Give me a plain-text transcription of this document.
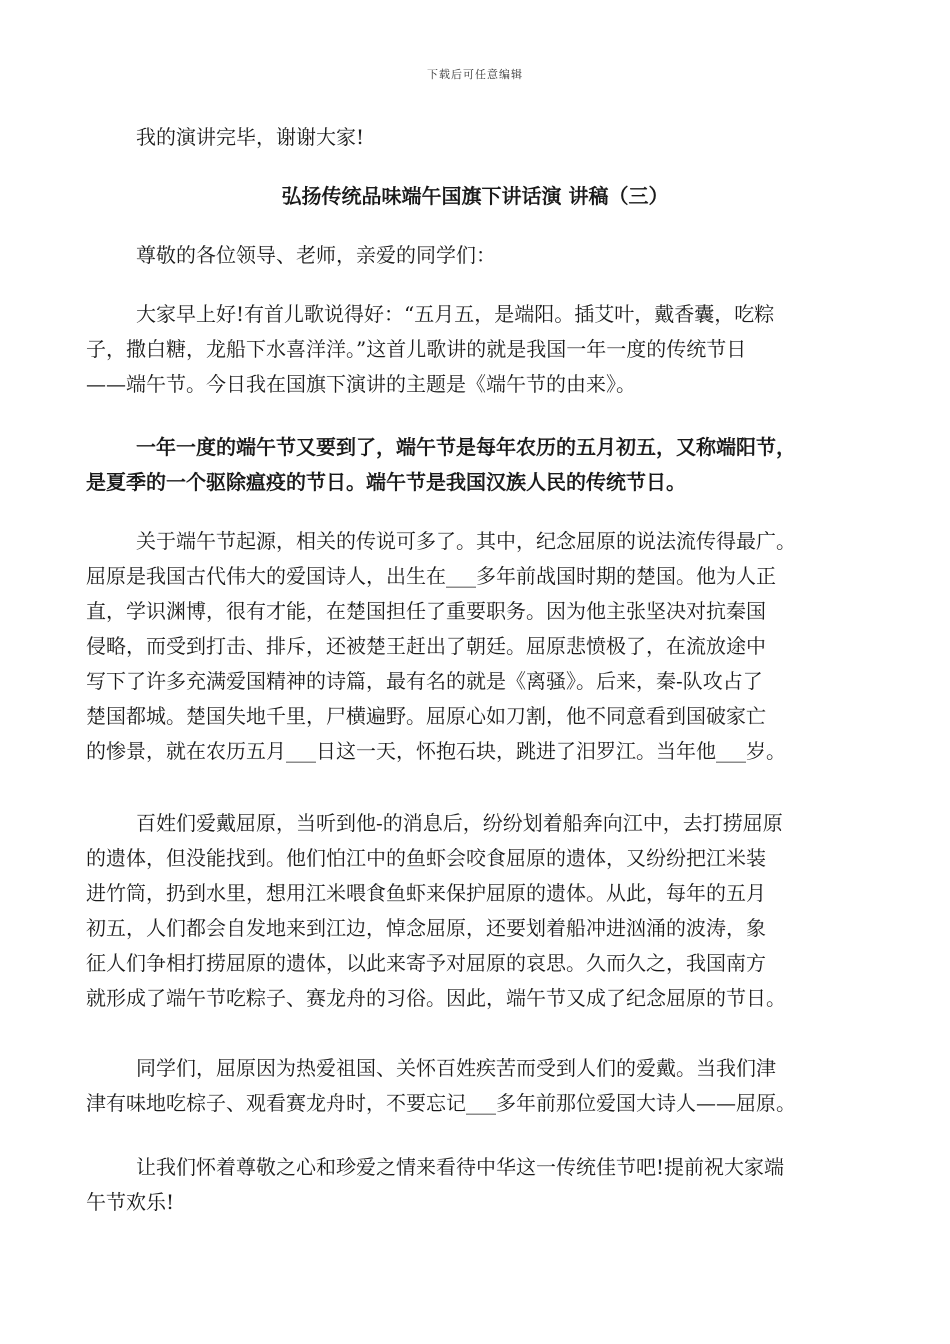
下载后可任意编辑

我的演讲完毕，谢谢大家!

弘扬传统品味端午国旗下讲话演 讲稿（三）

尊敬的各位领导、老师，亲爱的同学们：

大家早上好!有首儿歌说得好：“五月五，是端阳。插艾叶，戴香囊，吃粽
子，撒白糖，龙船下水喜洋洋。”这首儿歌讲的就是我国一年一度的传统节日
——端午节。今日我在国旗下演讲的主题是《端午节的由来》。

一年一度的端午节又要到了，端午节是每年农历的五月初五，又称端阳节，
是夏季的一个驱除瘟疫的节日。端午节是我国汉族人民的传统节日。

关于端午节起源，相关的传说可多了。其中，纪念屈原的说法流传得最广。
屈原是我国古代伟大的爱国诗人，出生在___多年前战国时期的楚国。他为人正
直，学识渊博，很有才能，在楚国担任了重要职务。因为他主张坚决对抗秦国
侵略，而受到打击、排斥，还被楚王赶出了朝廷。屈原悲愤极了，在流放途中
写下了许多充满爱国精神的诗篇，最有名的就是《离骚》。后来，秦-队攻占了
楚国都城。楚国失地千里，尸横遍野。屈原心如刀割，他不同意看到国破家亡
的惨景，就在农历五月___日这一天，怀抱石块，跳进了汨罗江。当年他___岁。

百姓们爱戴屈原，当听到他-的消息后，纷纷划着船奔向江中，去打捞屈原
的遗体，但没能找到。他们怕江中的鱼虾会咬食屈原的遗体，又纷纷把江米装
进竹筒，扔到水里，想用江米喂食鱼虾来保护屈原的遗体。从此，每年的五月
初五，人们都会自发地来到江边，悼念屈原，还要划着船冲进汹涌的波涛，象
征人们争相打捞屈原的遗体，以此来寄予对屈原的哀思。久而久之，我国南方
就形成了端午节吃粽子、赛龙舟的习俗。因此，端午节又成了纪念屈原的节日。

同学们，屈原因为热爱祖国、关怀百姓疾苦而受到人们的爱戴。当我们津
津有味地吃棕子、观看赛龙舟时，不要忘记___多年前那位爱国大诗人——屈原。

让我们怀着尊敬之心和珍爱之情来看待中华这一传统佳节吧!提前祝大家端
午节欢乐!
